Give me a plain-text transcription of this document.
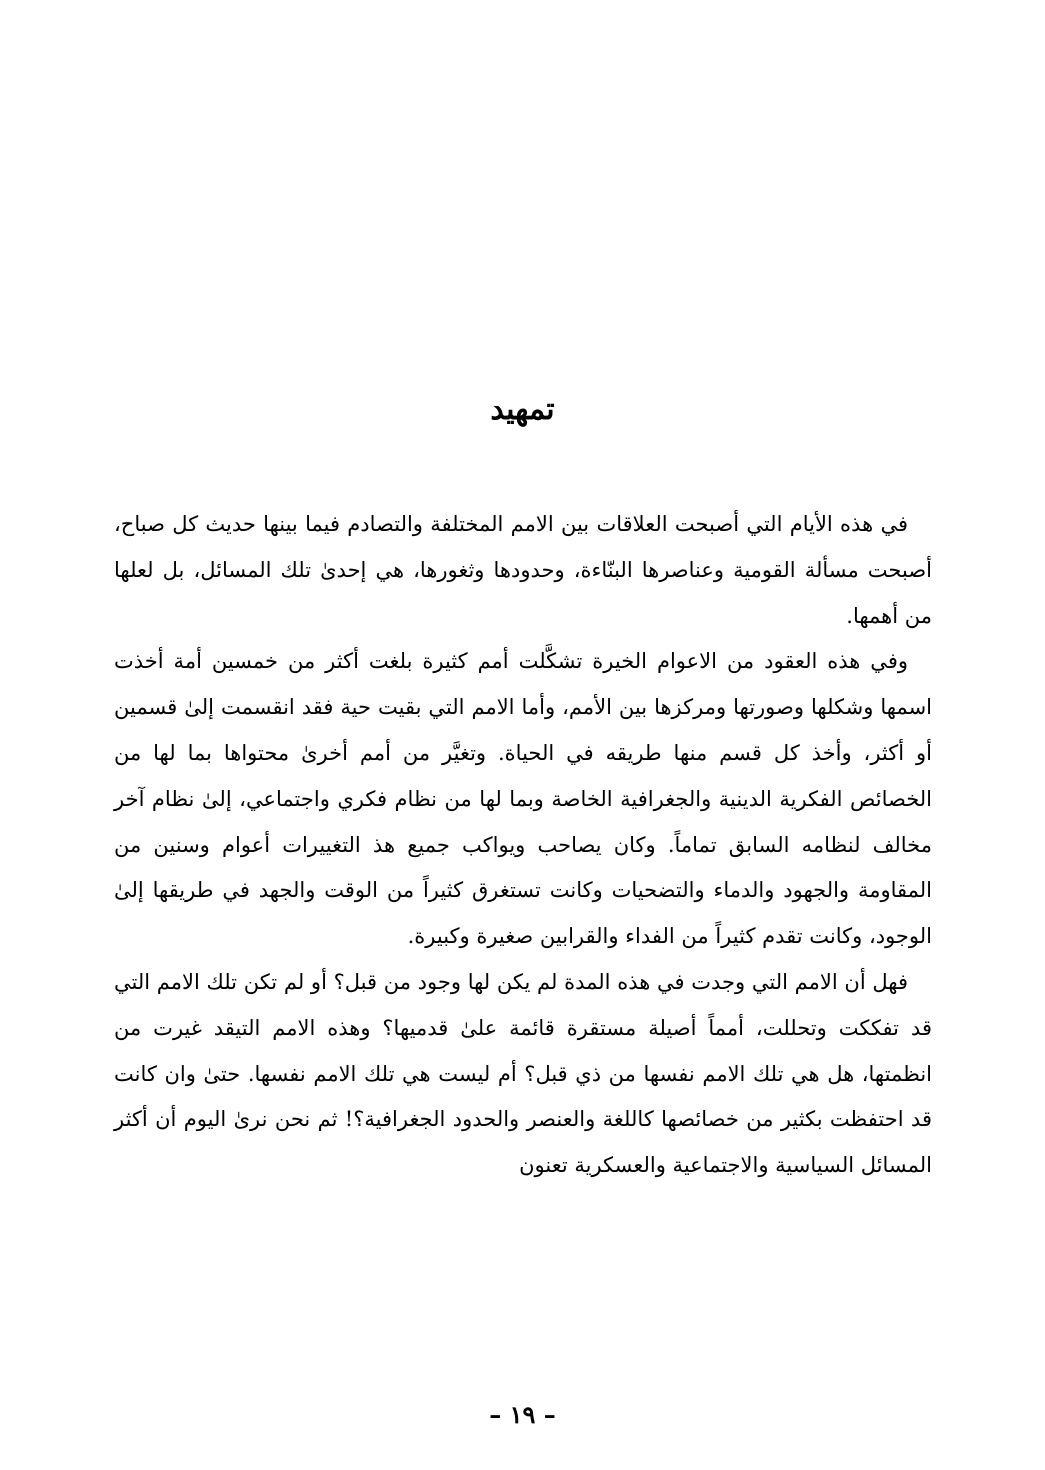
تمهيد

في هذه الأيام التي أصبحت العلاقات بين الامم المختلفة والتصادم فيما بينها حديث كل صباح، أصبحت مسألة القومية وعناصرها البنّاءة، وحدودها وثغورها، هي إحدىٰ تلك المسائل، بل لعلها من أهمها.

وفي هذه العقود من الاعوام الخيرة تشكَّلت أمم كثيرة بلغت أكثر من خمسين أمة أخذت اسمها وشكلها وصورتها ومركزها بين الأمم، وأما الامم التي بقيت حية فقد انقسمت إلىٰ قسمين أو أكثر، وأخذ كل قسم منها طريقه في الحياة. وتغيَّر من أمم أخرىٰ محتواها بما لها من الخصائص الفكرية الدينية والجغرافية الخاصة وبما لها من نظام فكري واجتماعي، إلىٰ نظام آخر مخالف لنظامه السابق تماماً. وكان يصاحب ويواكب جميع هذ التغييرات أعوام وسنين من المقاومة والجهود والدماء والتضحيات وكانت تستغرق كثيراً من الوقت والجهد في طريقها إلىٰ الوجود، وكانت تقدم كثيراً من الفداء والقرابين صغيرة وكبيرة.

فهل أن الامم التي وجدت في هذه المدة لم يكن لها وجود من قبل؟ أو لم تكن تلك الامم التي قد تفككت وتحللت، أمماً أصيلة مستقرة قائمة علىٰ قدميها؟ وهذه الامم التيقد غيرت من انظمتها، هل هي تلك الامم نفسها من ذي قبل؟ أم ليست هي تلك الامم نفسها. حتىٰ وان كانت قد احتفظت بكثير من خصائصها كاللغة والعنصر والحدود الجغرافية؟! ثم نحن نرىٰ اليوم أن أكثر المسائل السياسية والاجتماعية والعسكرية تعنون

– ١٩ –
